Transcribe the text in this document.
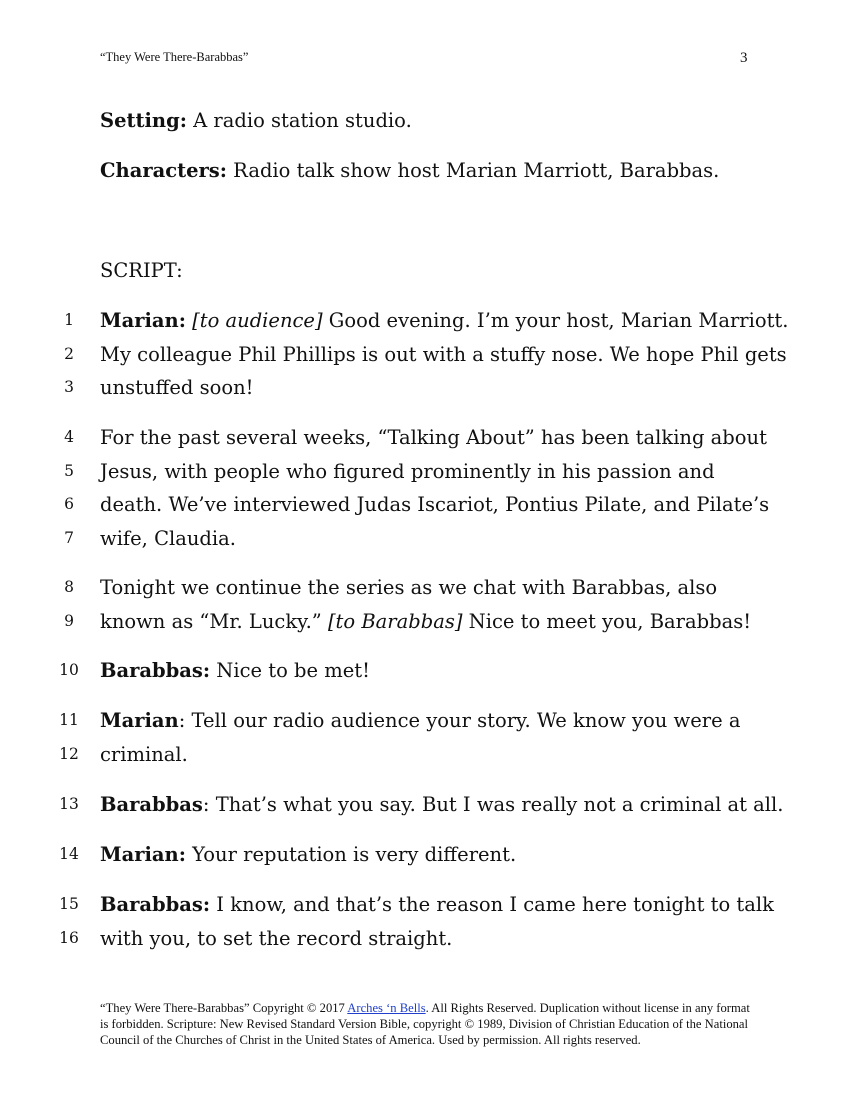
“They Were There-Barabbas”	3
Setting: A radio station studio.
Characters: Radio talk show host Marian Marriott, Barabbas.
SCRIPT:
1	Marian: [to audience] Good evening. I’m your host, Marian Marriott.
2	My colleague Phil Phillips is out with a stuffy nose. We hope Phil gets
3	unstuffed soon!
4	For the past several weeks, “Talking About” has been talking about
5	Jesus, with people who figured prominently in his passion and
6	death. We’ve interviewed Judas Iscariot, Pontius Pilate, and Pilate’s
7	wife, Claudia.
8	Tonight we continue the series as we chat with Barabbas, also
9	known as “Mr. Lucky.” [to Barabbas] Nice to meet you, Barabbas!
10 Barabbas: Nice to be met!
11 Marian: Tell our radio audience your story. We know you were a
12 criminal.
13 Barabbas: That’s what you say. But I was really not a criminal at all.
14 Marian: Your reputation is very different.
15 Barabbas: I know, and that’s the reason I came here tonight to talk
16 with you, to set the record straight.
“They Were There-Barabbas” Copyright © 2017 Arches ‘n Bells. All Rights Reserved. Duplication without license in any format is forbidden. Scripture: New Revised Standard Version Bible, copyright © 1989, Division of Christian Education of the National Council of the Churches of Christ in the United States of America. Used by permission. All rights reserved.
